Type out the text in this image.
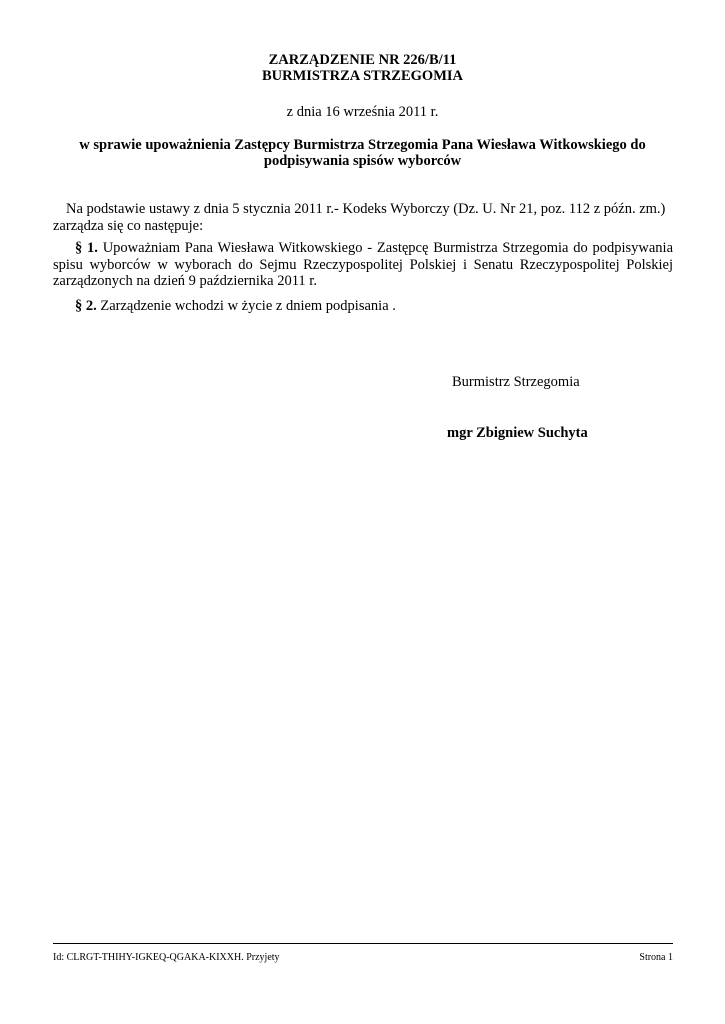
ZARZĄDZENIE NR 226/B/11
BURMISTRZA STRZEGOMIA
z dnia 16 września 2011 r.
w sprawie upoważnienia Zastępcy Burmistrza Strzegomia Pana Wiesława Witkowskiego do
podpisywania spisów wyborców
Na podstawie ustawy z dnia 5 stycznia 2011 r.- Kodeks Wyborczy (Dz. U. Nr 21, poz. 112 z późn. zm.)
zarządza się co następuje:
§ 1. Upoważniam Pana Wiesława Witkowskiego - Zastępcę Burmistrza Strzegomia do podpisywania spisu wyborców w wyborach do Sejmu Rzeczypospolitej Polskiej i Senatu Rzeczypospolitej Polskiej zarządzonych na dzień 9 października 2011 r.
§ 2. Zarządzenie wchodzi w życie z dniem podpisania .
Burmistrz Strzegomia
mgr Zbigniew Suchyta
Id: CLRGT-THIHY-IGKEQ-QGAKA-KIXXH. Przyjety	Strona 1
